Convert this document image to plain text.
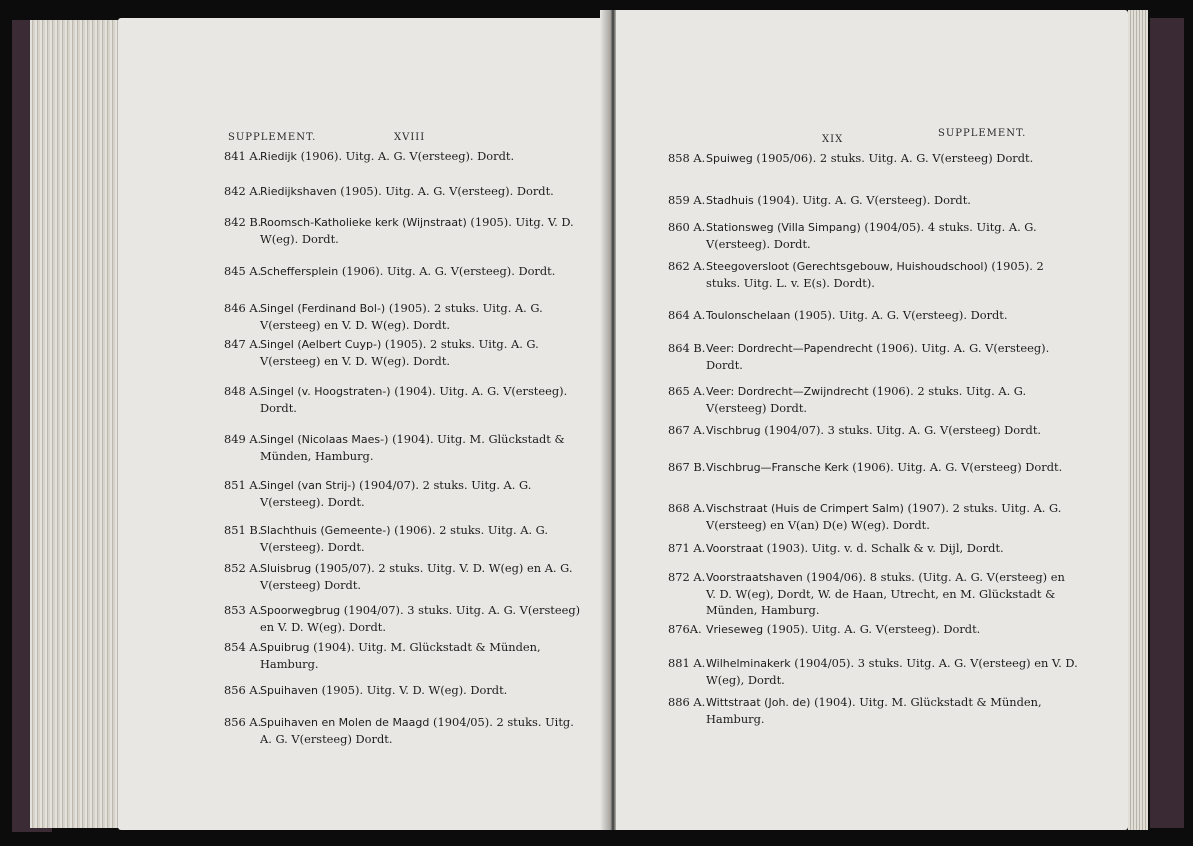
SUPPLEMENT.	XVIII
841 A.
Riedijk (1906). Uitg. A. G. V(ersteeg). Dordt.
842 A.
Riedijkshaven (1905). Uitg. A. G. V(ersteeg). Dordt.
842 B.
Roomsch-Katholieke kerk (Wijnstraat) (1905). Uitg. V. D. W(eg). Dordt.
845 A.
Scheffersplein (1906). Uitg. A. G. V(ersteeg). Dordt.
846 A.
Singel (Ferdinand Bol-) (1905). 2 stuks. Uitg. A. G. V(ersteeg) en V. D. W(eg). Dordt.
847 A.
Singel (Aelbert Cuyp-) (1905). 2 stuks. Uitg. A. G. V(ersteeg) en V. D. W(eg). Dordt.
848 A.
Singel (v. Hoogstraten-) (1904). Uitg. A. G. V(ersteeg). Dordt.
849 A.
Singel (Nicolaas Maes-) (1904). Uitg. M. Glückstadt & Münden, Hamburg.
851 A.
Singel (van Strij-) (1904/07). 2 stuks. Uitg. A. G. V(ersteeg). Dordt.
851 B.
Slachthuis (Gemeente-) (1906). 2 stuks. Uitg. A. G. V(ersteeg). Dordt.
852 A.
Sluisbrug (1905/07). 2 stuks. Uitg. V. D. W(eg) en A. G. V(ersteeg) Dordt.
853 A.
Spoorwegbrug (1904/07). 3 stuks. Uitg. A. G. V(ersteeg) en V. D. W(eg). Dordt.
854 A.
Spuibrug (1904). Uitg. M. Glückstadt & Münden, Hamburg.
856 A.
Spuihaven (1905). Uitg. V. D. W(eg). Dordt.
856 A.
Spuihaven en Molen de Maagd (1904/05). 2 stuks. Uitg. A. G. V(ersteeg) Dordt.
XIX
SUPPLEMENT.
858 A. Spuiweg (1905/06). 2 stuks. Uitg. A. G. V(ersteeg) Dordt.
859 A. Stadhuis (1904). Uitg. A. G. V(ersteeg). Dordt.
860 A. Stationsweg (Villa Simpang) (1904/05). 4 stuks. Uitg. A. G. V(ersteeg). Dordt.
862 A. Steegoversloot (Gerechtsgebouw, Huishoudschool) (1905). 2 stuks. Uitg. L. v. E(s). Dordt).
864 A. Toulonschelaan (1905). Uitg. A. G. V(ersteeg). Dordt.
864 B. Veer: Dordrecht—Papendrecht (1906). Uitg. A. G. V(ersteeg). Dordt.
865 A. Veer: Dordrecht—Zwijndrecht (1906). 2 stuks. Uitg. A. G. V(ersteeg) Dordt.
867 A. Vischbrug (1904/07). 3 stuks. Uitg. A. G. V(ersteeg) Dordt.
867 B. Vischbrug—Fransche Kerk (1906). Uitg. A. G. V(ersteeg) Dordt.
868 A. Vischstraat (Huis de Crimpert Salm) (1907). 2 stuks. Uitg. A. G. V(ersteeg) en V(an) D(e) W(eg). Dordt.
871 A. Voorstraat (1903). Uitg. v. d. Schalk & v. Dijl, Dordt.
872 A. Voorstraatshaven (1904/06). 8 stuks. (Uitg. A. G. V(ersteeg) en V. D. W(eg), Dordt, W. de Haan, Utrecht, en M. Glückstadt & Münden, Hamburg.
876A. Vrieseweg (1905). Uitg. A. G. V(ersteeg). Dordt.
881 A. Wilhelminakerk (1904/05). 3 stuks. Uitg. A. G. V(ersteeg) en V. D. W(eg), Dordt.
886 A. Wittstraat (Joh. de) (1904). Uitg. M. Glückstadt & Münden, Hamburg.
